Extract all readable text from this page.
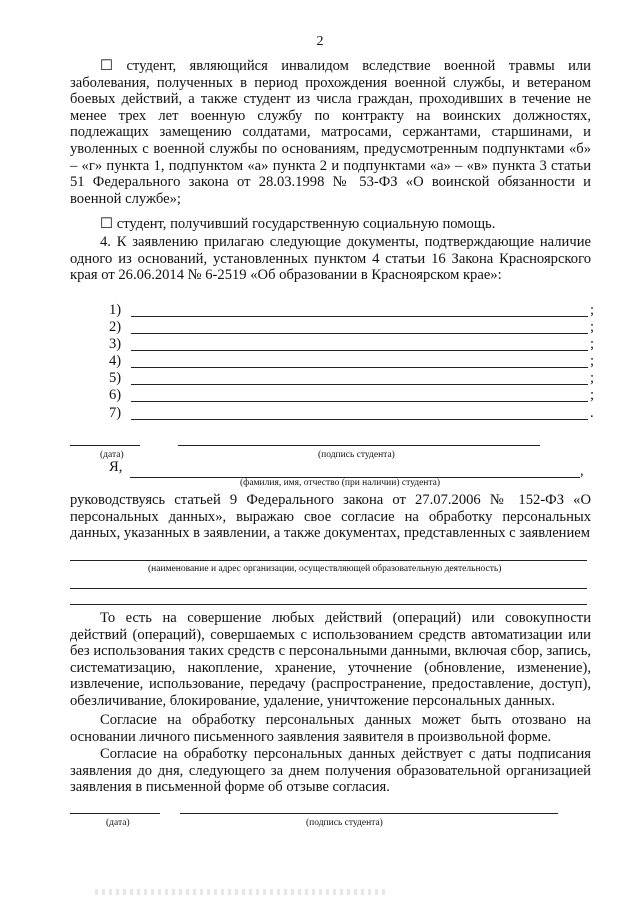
2

☐ студент, являющийся инвалидом вследствие военной травмы или заболевания, полученных в период прохождения военной службы, и ветераном боевых действий, а также студент из числа граждан, проходивших в течение не менее трех лет военную службу по контракту на воинских должностях, подлежащих замещению солдатами, матросами, сержантами, старшинами, и уволенных с военной службы по основаниям, предусмотренным подпунктами «б» – «г» пункта 1, подпунктом «а» пункта 2 и подпунктами «а» – «в» пункта 3 статьи 51 Федерального закона от 28.03.1998 № 53-ФЗ «О воинской обязанности и военной службе»;

☐ студент, получивший государственную социальную помощь.

4. К заявлению прилагаю следующие документы, подтверждающие наличие одного из оснований, установленных пунктом 4 статьи 16 Закона Красноярского края от 26.06.2014 № 6-2519 «Об образовании в Красноярском крае»:

1)	;
2)	;
3)	;
4)	;
5)	;
6)	;
7)	.
(дата)	(подпись студента)
Я,	,
(фамилия, имя, отчество (при наличии) студента)

руководствуясь статьей 9 Федерального закона от 27.07.2006 № 152-ФЗ «О персональных данных», выражаю свое согласие на обработку персональных данных, указанных в заявлении, а также документах, представленных с заявлением

(наименование и адрес организации, осуществляющей образовательную деятельность)

То есть на совершение любых действий (операций) или совокупности действий (операций), совершаемых с использованием средств автоматизации или без использования таких средств с персональными данными, включая сбор, запись, систематизацию, накопление, хранение, уточнение (обновление, изменение), извлечение, использование, передачу (распространение, предоставление, доступ), обезличивание, блокирование, удаление, уничтожение персональных данных.

Согласие на обработку персональных данных может быть отозвано на основании личного письменного заявления заявителя в произвольной форме.

Согласие на обработку персональных данных действует с даты подписания заявления до дня, следующего за днем получения образовательной организацией заявления в письменной форме об отзыве согласия.

(дата)	(подпись студента)
